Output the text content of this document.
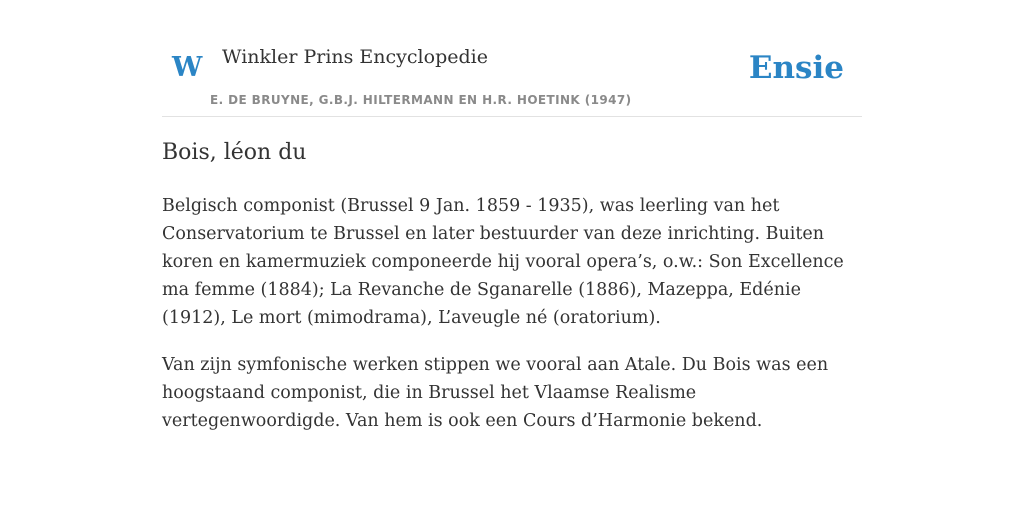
W Winkler Prins Encyclopedie
E. DE BRUYNE, G.B.J. HILTERMANN EN H.R. HOETINK (1947)
Ensie
Bois, léon du

Belgisch componist (Brussel 9 Jan. 1859 - 1935), was leerling van het Conservatorium te Brussel en later bestuurder van deze inrichting. Buiten koren en kamermuziek componeerde hij vooral opera’s, o.w.: Son Excellence ma femme (1884); La Revanche de Sganarelle (1886), Mazeppa, Edénie (1912), Le mort (mimodrama), L’aveugle né (oratorium).

Van zijn symfonische werken stippen we vooral aan Atale. Du Bois was een hoogstaand componist, die in Brussel het Vlaamse Realisme vertegenwoordigde. Van hem is ook een Cours d’Harmonie bekend.
